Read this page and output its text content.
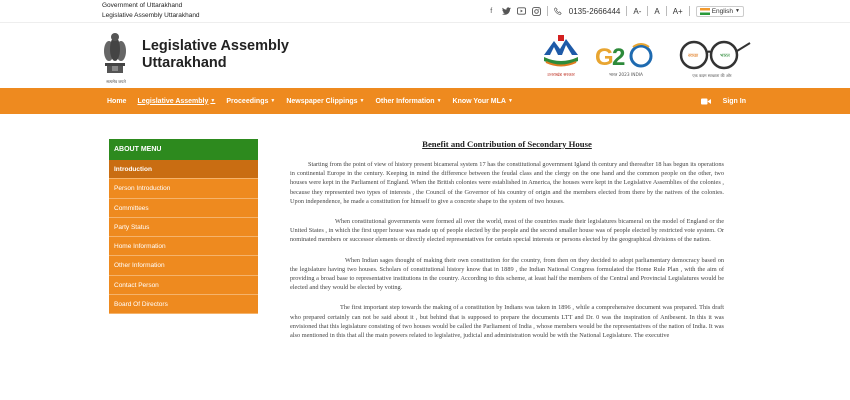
Government of Uttarakhand
Legislative Assembly Uttarakhand
f	0135-2666444 A- A A+	English ▼
सत्यमेव जयते
Legislative Assembly
Uttarakhand
उत्तराखंड सरकार
G
2
भारत 2023 INDIA
स्वच्छ	भारत
एक कदम स्वच्छता की ओर
Home Legislative Assembly ▼ Proceedings ▼ Newspaper Clippings ▼ Other Information ▼ Know Your MLA ▼	Sign In
ABOUT MENU
Introduction
Person Introduction
Committees
Party Status
Home Information
Other Information
Contact Person
Board Of Directors
Benefit and Contribution of Secondary House

Starting from the point of view of history present bicameral system 17 has the constitutional government Igland th century and thereafter 18 has begun its operations in continental Europe in the century. Keeping in mind the difference between the feudal class and the clergy on the one hand and the common people on the other, two houses were kept in the Parliament of England. When the British colonies were established in America, the houses were kept in the Legislative Assemblies of the colonies , because they represented two types of interests , the Council of the Governor of his country of origin and the members elected from there by the natives of the colonies. Upon independence, he made a constitution for himself to give a concrete shape to the system of two houses.

When constitutional governments were formed all over the world, most of the countries made their legislatures bicameral on the model of England or the United States , in which the first upper house was made up of people elected by the people and the second smaller house was of people elected by restricted vote system. Or nominated members or successor elements or directly elected representatives for certain special interests or persons elected by the geographical divisions of the nation.

When Indian sages thought of making their own constitution for the country, from then on they decided to adopt parliamentary democracy based on the legislature having two houses. Scholars of constitutional history know that in 1889 , the Indian National Congress formulated the Home Rule Plan , with the aim of providing a broad base to representative institutions in the country. According to this scheme, at least half the members of the Central and Provincial Legislatures would be elected and they would be elected by voting.

The first important step towards the making of a constitution by Indians was taken in 1896 , while a comprehensive document was prepared. This draft who prepared certainly can not be said about it , but behind that is supposed to prepare the documents LTT and Dr. 0 was the inspiration of Anibesent. In this it was envisioned that this legislature consisting of two houses would be called the Parliament of India , whose members would be the representatives of the nation of India. It was also mentioned in this that all the main powers related to legislative, judicial and administration would be with the National Legislature. The executive
